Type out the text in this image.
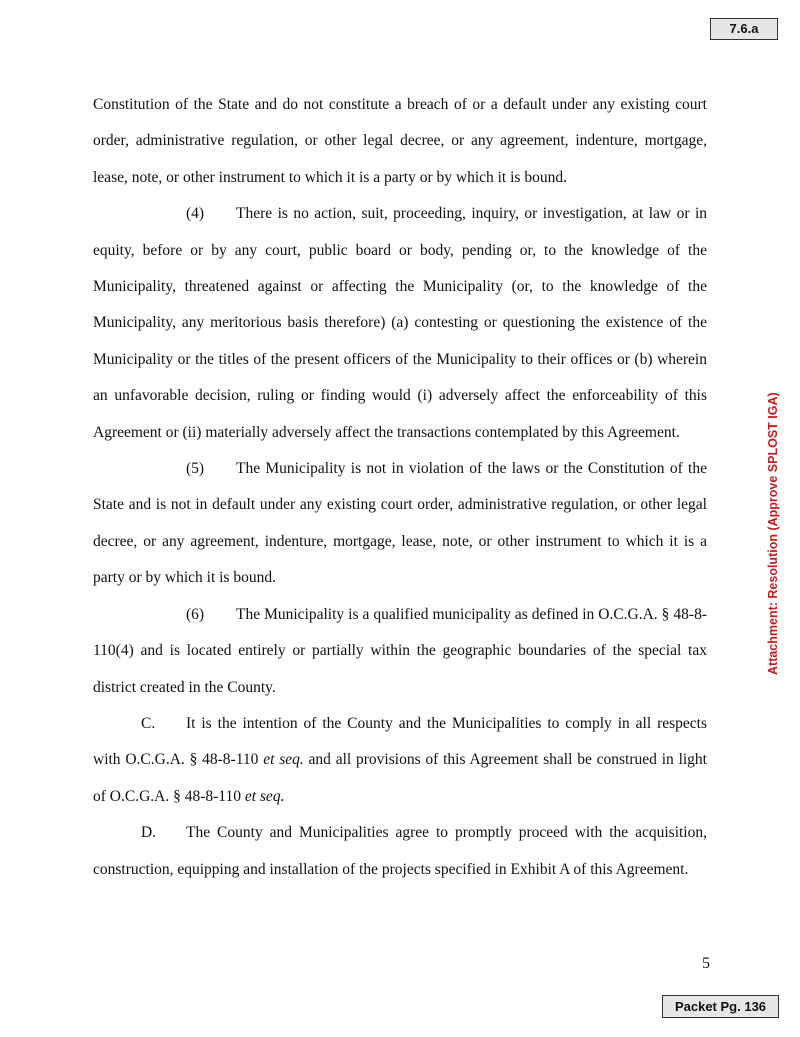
7.6.a
Attachment: Resolution (Approve SPLOST IGA)

Constitution of the State and do not constitute a breach of or a default under any existing court order, administrative regulation, or other legal decree, or any agreement, indenture, mortgage, lease, note, or other instrument to which it is a party or by which it is bound.

(4) There is no action, suit, proceeding, inquiry, or investigation, at law or in equity, before or by any court, public board or body, pending or, to the knowledge of the Municipality, threatened against or affecting the Municipality (or, to the knowledge of the Municipality, any meritorious basis therefore) (a) contesting or questioning the existence of the Municipality or the titles of the present officers of the Municipality to their offices or (b) wherein an unfavorable decision, ruling or finding would (i) adversely affect the enforceability of this Agreement or (ii) materially adversely affect the transactions contemplated by this Agreement.

(5) The Municipality is not in violation of the laws or the Constitution of the State and is not in default under any existing court order, administrative regulation, or other legal decree, or any agreement, indenture, mortgage, lease, note, or other instrument to which it is a party or by which it is bound.

(6) The Municipality is a qualified municipality as defined in O.C.G.A. § 48-8-110(4) and is located entirely or partially within the geographic boundaries of the special tax district created in the County.

C. It is the intention of the County and the Municipalities to comply in all respects with O.C.G.A. § 48-8-110 et seq. and all provisions of this Agreement shall be construed in light of O.C.G.A. § 48-8-110 et seq.

D. The County and Municipalities agree to promptly proceed with the acquisition, construction, equipping and installation of the projects specified in Exhibit A of this Agreement.

5
Packet Pg. 136
